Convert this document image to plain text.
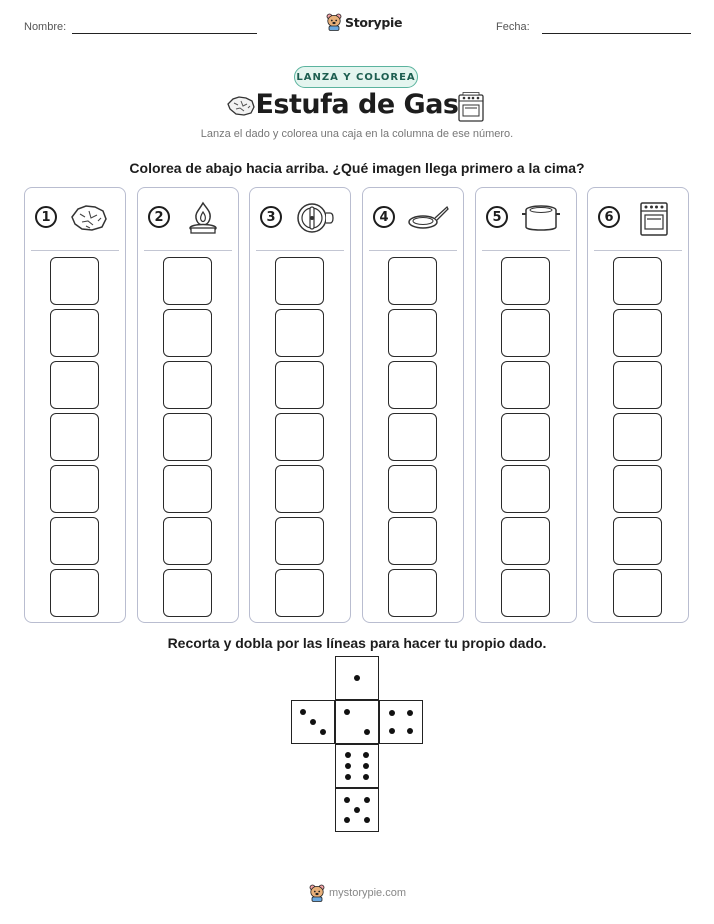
Nombre:	Storypie	Fecha:
LANZA Y COLOREA
Estufa de Gas
Lanza el dado y colorea una caja en la columna de ese número.
Colorea de abajo hacia arriba. ¿Qué imagen llega primero a la cima?
1	2	3	4	5	6
Recorta y dobla por las líneas para hacer tu propio dado.
mystorypie.com
